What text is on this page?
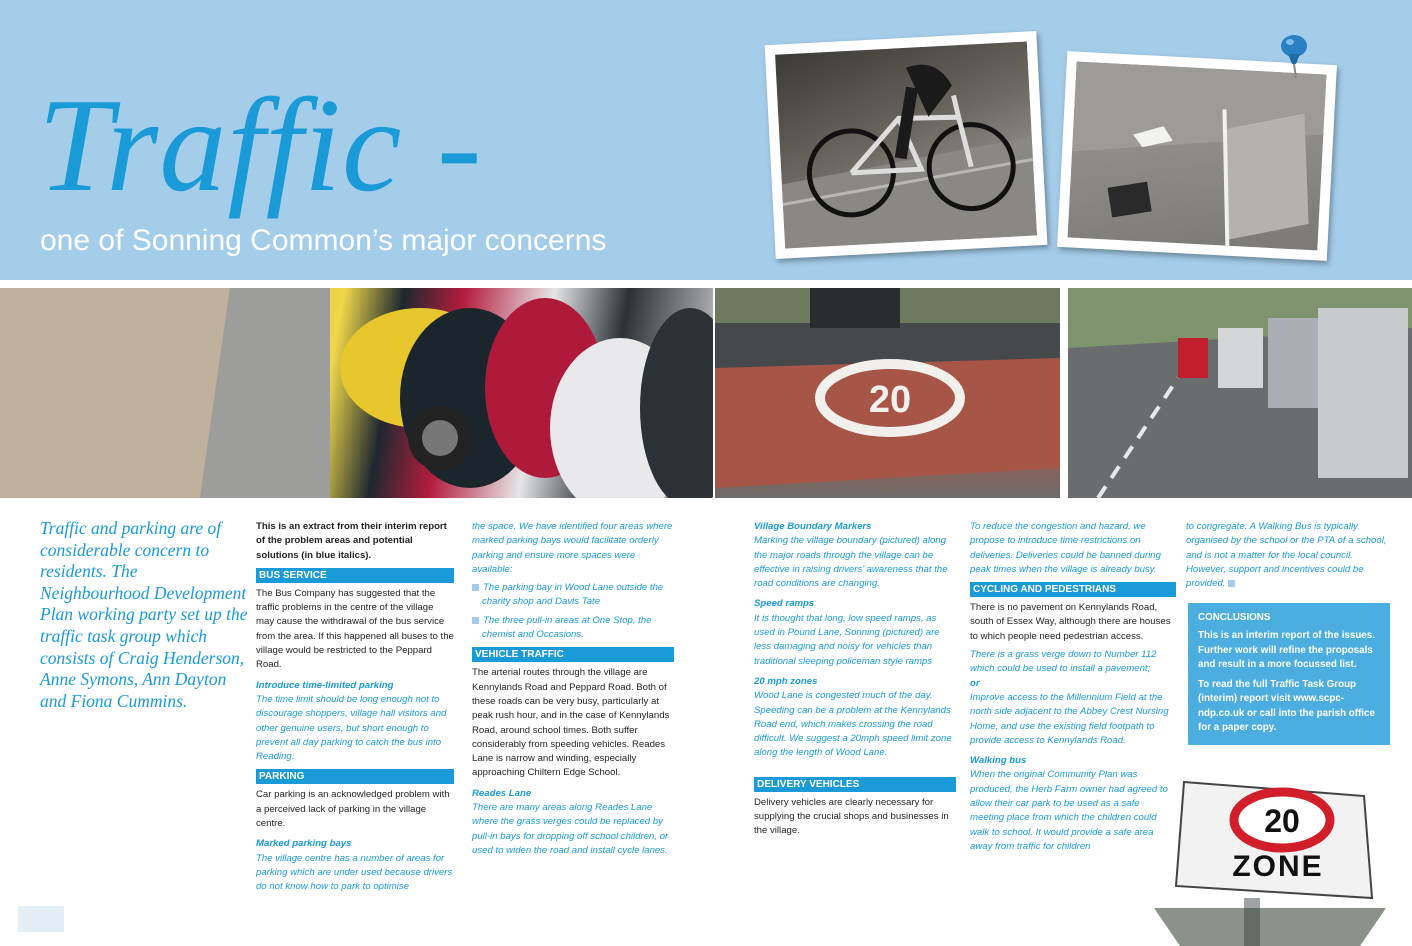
Traffic -
one of Sonning Common’s major concerns
20
Traffic and parking are of considerable concern to residents. The Neighbourhood Development Plan working party set up the traffic task group which consists of Craig Henderson, Anne Symons, Ann Dayton and Fiona Cummins.
This is an extract from their interim report of the problem areas and potential solutions (in blue italics).
BUS SERVICE
The Bus Company has suggested that the traffic problems in the centre of the village may cause the withdrawal of the bus service from the area. If this happened all buses to the village would be restricted to the Peppard Road.
Introduce time-limited parking
The time limit should be long enough not to discourage shoppers, village hall visitors and other genuine users, but short enough to prevent all day parking to catch the bus into Reading.
PARKING
Car parking is an acknowledged problem with a perceived lack of parking in the village centre.
Marked parking bays
The village centre has a number of areas for parking which are under used because drivers do not know how to park to optimise
the space. We have identified four areas where marked parking bays would facilitate orderly parking and ensure more spaces were available:
The parking bay in Wood Lane outside the charity shop and Davis Tate
The three pull-in areas at One Stop, the chemist and Occasions.
VEHICLE TRAFFIC
The arterial routes through the village are Kennylands Road and Peppard Road. Both of these roads can be very busy, particularly at peak rush hour, and in the case of Kennylands Road, around school times. Both suffer considerably from speeding vehicles. Reades Lane is narrow and winding, especially approaching Chiltern Edge School.
Reades Lane
There are many areas along Reades Lane where the grass verges could be replaced by pull-in bays for dropping off school children, or used to widen the road and install cycle lanes.
Village Boundary Markers
Marking the village boundary (pictured) along the major roads through the village can be effective in raising drivers’ awareness that the road conditions are changing.
Speed ramps
It is thought that long, low speed ramps, as used in Pound Lane, Sonning (pictured) are less damaging and noisy for vehicles than traditional sleeping policeman style ramps
20 mph zones
Wood Lane is congested much of the day. Speeding can be a problem at the Kennylands Road end, which makes crossing the road difficult. We suggest a 20mph speed limit zone along the length of Wood Lane.
DELIVERY VEHICLES
Delivery vehicles are clearly necessary for supplying the crucial shops and businesses in the village.
To reduce the congestion and hazard, we propose to introduce time restrictions on deliveries. Deliveries could be banned during peak times when the village is already busy.
CYCLING AND PEDESTRIANS
There is no pavement on Kennylands Road, south of Essex Way, although there are houses to which people need pedestrian access.
There is a grass verge down to Number 112 which could be used to install a pavement;
or
Improve access to the Millennium Field at the north side adjacent to the Abbey Crest Nursing Home, and use the existing field footpath to provide access to Kennylands Road.
Walking bus
When the original Community Plan was produced, the Herb Farm owner had agreed to allow their car park to be used as a safe meeting place from which the children could walk to school. It would provide a safe area away from traffic for children
to congregate. A Walking Bus is typically organised by the school or the PTA of a school, and is not a matter for the local council. However, support and incentives could be provided.
CONCLUSIONS
This is an interim report of the issues. Further work will refine the proposals and result in a more focussed list.
To read the full Traffic Task Group (interim) report visit www.scpc-ndp.co.uk or call into the parish office for a paper copy.
20
ZONE
